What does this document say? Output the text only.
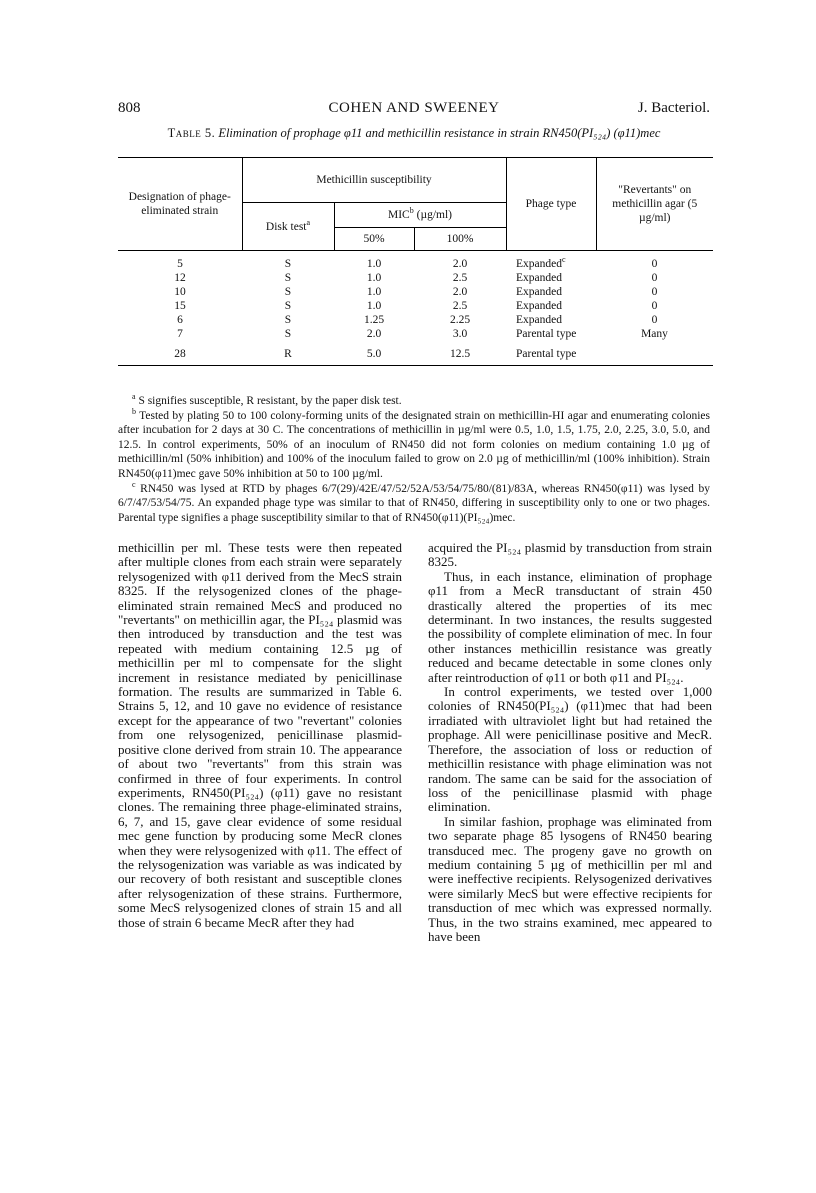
808	COHEN AND SWEENEY	J. Bacteriol.
Table 5. Elimination of prophage φ11 and methicillin resistance in strain RN450(PI₅₂₄) (φ11)mec
Designation of phage-eliminated strain	Methicillin susceptibility			Phage type	"Revertants" on methicillin agar (5 µg/ml)
	Disk test$^a$	MIC$^b$ (µg/ml)			
		50%	100%		
5	S	1.0	2.0	Expanded$^c$	0
12	S	1.0	2.5	Expanded	0
10	S	1.0	2.0	Expanded	0
15	S	1.0	2.5	Expanded	0
6	S	1.25	2.25	Expanded	0
7	S	2.0	3.0	Parental type	Many
28	R	5.0	12.5	Parental type	

$^a$ S signifies susceptible, R resistant, by the paper disk test.

$^b$ Tested by plating 50 to 100 colony-forming units of the designated strain on methicillin-HI agar and enumerating colonies after incubation for 2 days at 30 C. The concentrations of methicillin in µg/ml were 0.5, 1.0, 1.5, 1.75, 2.0, 2.25, 3.0, 5.0, and 12.5. In control experiments, 50% of an inoculum of RN450 did not form colonies on medium containing 1.0 µg of methicillin/ml (50% inhibition) and 100% of the inoculum failed to grow on 2.0 µg of methicillin/ml (100% inhibition). Strain RN450(φ11)mec gave 50% inhibition at 50 to 100 µg/ml.

$^c$ RN450 was lysed at RTD by phages 6/7(29)/42E/47/52/52A/53/54/75/80/(81)/83A, whereas RN450(φ11) was lysed by 6/7/47/53/54/75. An expanded phage type was similar to that of RN450, differing in susceptibility only to one or two phages. Parental type signifies a phage susceptibility similar to that of RN450(φ11)(PI₅₂₄)mec.

methicillin per ml. These tests were then repeated after multiple clones from each strain were separately relysogenized with φ11 derived from the MecS strain 8325. If the relysogenized clones of the phage-eliminated strain remained MecS and produced no "revertants" on methicillin agar, the PI₅₂₄ plasmid was then introduced by transduction and the test was repeated with medium containing 12.5 µg of methicillin per ml to compensate for the slight increment in resistance mediated by penicillinase formation. The results are summarized in Table 6. Strains 5, 12, and 10 gave no evidence of resistance except for the appearance of two "revertant" colonies from one relysogenized, penicillinase plasmid-positive clone derived from strain 10. The appearance of about two "revertants" from this strain was confirmed in three of four experiments. In control experiments, RN450(PI₅₂₄) (φ11) gave no resistant clones. The remaining three phage-eliminated strains, 6, 7, and 15, gave clear evidence of some residual mec gene function by producing some MecR clones when they were relysogenized with φ11. The effect of the relysogenization was variable as was indicated by our recovery of both resistant and susceptible clones after relysogenization of these strains. Furthermore, some MecS relysogenized clones of strain 15 and all those of strain 6 became MecR after they had

acquired the PI₅₂₄ plasmid by transduction from strain 8325.

Thus, in each instance, elimination of prophage φ11 from a MecR transductant of strain 450 drastically altered the properties of its mec determinant. In two instances, the results suggested the possibility of complete elimination of mec. In four other instances methicillin resistance was greatly reduced and became detectable in some clones only after reintroduction of φ11 or both φ11 and PI₅₂₄.

In control experiments, we tested over 1,000 colonies of RN450(PI₅₂₄) (φ11)mec that had been irradiated with ultraviolet light but had retained the prophage. All were penicillinase positive and MecR. Therefore, the association of loss or reduction of methicillin resistance with phage elimination was not random. The same can be said for the association of loss of the penicillinase plasmid with phage elimination.

In similar fashion, prophage was eliminated from two separate phage 85 lysogens of RN450 bearing transduced mec. The progeny gave no growth on medium containing 5 µg of methicillin per ml and were ineffective recipients. Relysogenized derivatives were similarly MecS but were effective recipients for transduction of mec which was expressed normally. Thus, in the two strains examined, mec appeared to have been
